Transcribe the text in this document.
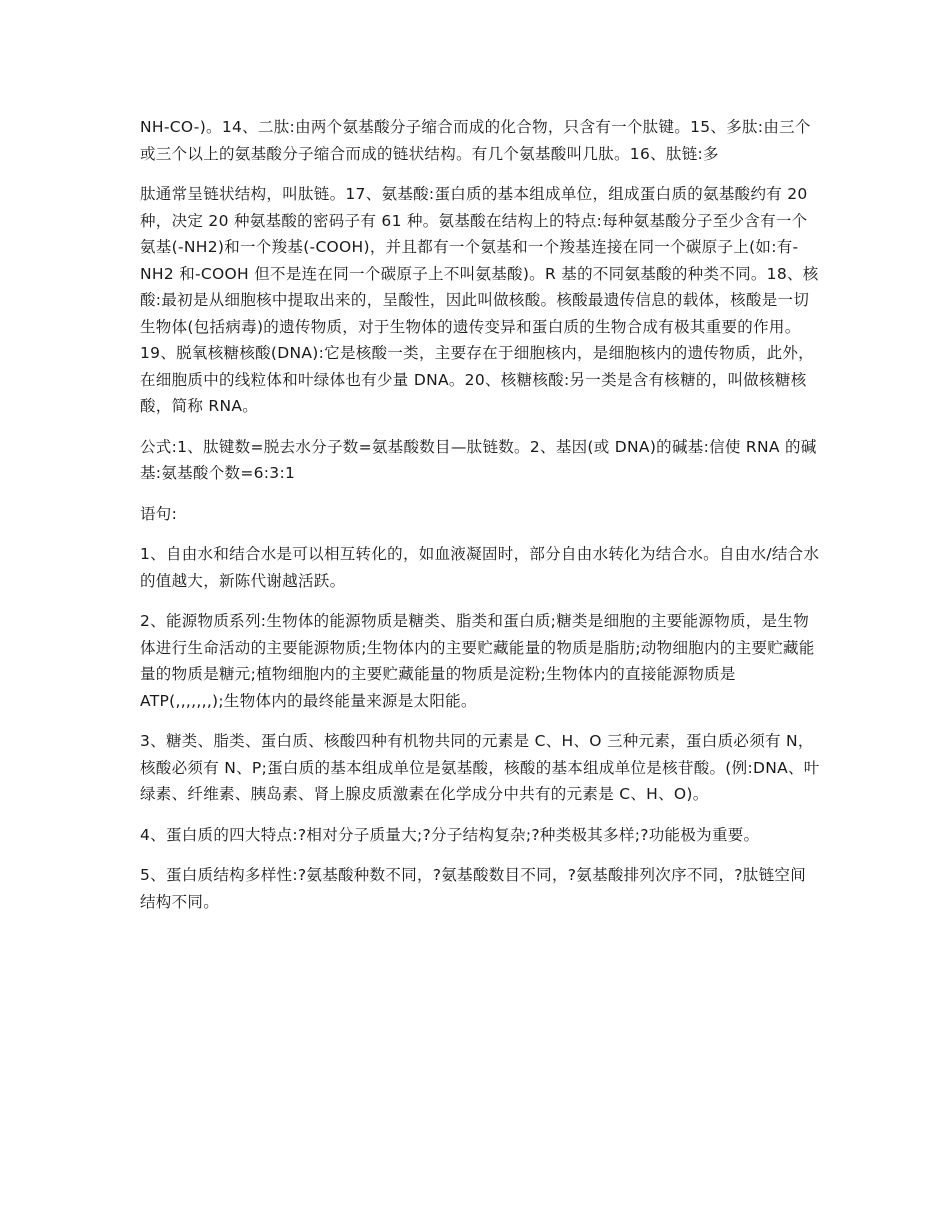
NH-CO-)。14、二肽:由两个氨基酸分子缩合而成的化合物，只含有一个肽键。15、多肽:由三个或三个以上的氨基酸分子缩合而成的链状结构。有几个氨基酸叫几肽。16、肽链:多

肽通常呈链状结构，叫肽链。17、氨基酸:蛋白质的基本组成单位，组成蛋白质的氨基酸约有 20 种，决定 20 种氨基酸的密码子有 61 种。氨基酸在结构上的特点:每种氨基酸分子至少含有一个氨基(-NH2)和一个羧基(-COOH)，并且都有一个氨基和一个羧基连接在同一个碳原子上(如:有-NH2 和-COOH 但不是连在同一个碳原子上不叫氨基酸)。R 基的不同氨基酸的种类不同。18、核酸:最初是从细胞核中提取出来的，呈酸性，因此叫做核酸。核酸最遗传信息的载体，核酸是一切生物体(包括病毒)的遗传物质，对于生物体的遗传变异和蛋白质的生物合成有极其重要的作用。19、脱氧核糖核酸(DNA):它是核酸一类，主要存在于细胞核内，是细胞核内的遗传物质，此外，在细胞质中的线粒体和叶绿体也有少量 DNA。20、核糖核酸:另一类是含有核糖的，叫做核糖核酸，简称 RNA。

公式:1、肽键数=脱去水分子数=氨基酸数目—肽链数。2、基因(或 DNA)的碱基:信使 RNA 的碱基:氨基酸个数=6:3:1

语句:

1、自由水和结合水是可以相互转化的，如血液凝固时，部分自由水转化为结合水。自由水/结合水的值越大，新陈代谢越活跃。

2、能源物质系列:生物体的能源物质是糖类、脂类和蛋白质;糖类是细胞的主要能源物质，是生物体进行生命活动的主要能源物质;生物体内的主要贮藏能量的物质是脂肪;动物细胞内的主要贮藏能量的物质是糖元;植物细胞内的主要贮藏能量的物质是淀粉;生物体内的直接能源物质是 ATP(,,,,,,,);生物体内的最终能量来源是太阳能。

3、糖类、脂类、蛋白质、核酸四种有机物共同的元素是 C、H、O 三种元素，蛋白质必须有 N，核酸必须有 N、P;蛋白质的基本组成单位是氨基酸，核酸的基本组成单位是核苷酸。(例:DNA、叶绿素、纤维素、胰岛素、肾上腺皮质激素在化学成分中共有的元素是 C、H、O)。

4、蛋白质的四大特点:?相对分子质量大;?分子结构复杂;?种类极其多样;?功能极为重要。

5、蛋白质结构多样性:?氨基酸种数不同，?氨基酸数目不同，?氨基酸排列次序不同，?肽链空间结构不同。
